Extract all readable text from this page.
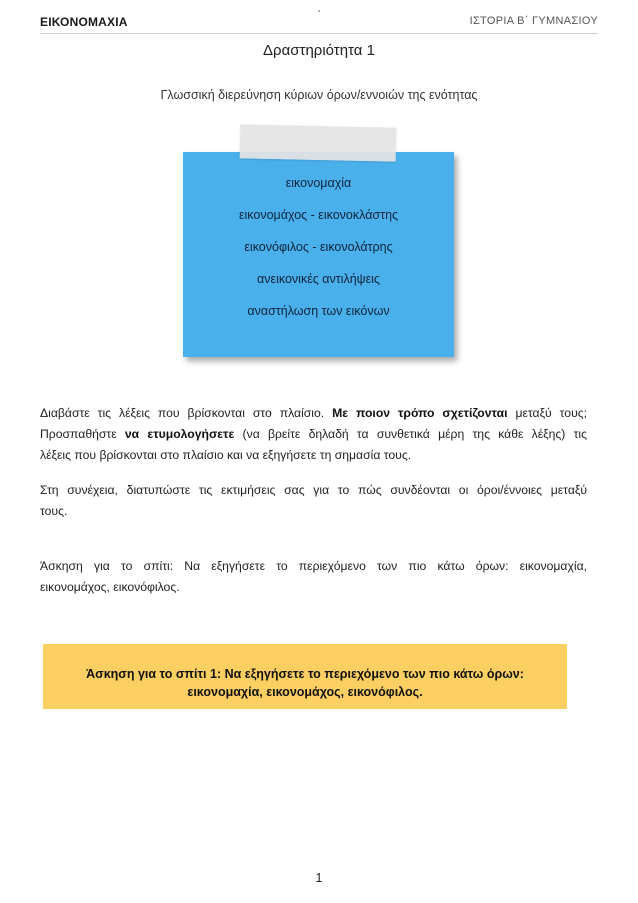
ΕΙΚΟΝΟΜΑΧΙΑ	ΙΣΤΟΡΙΑ Β΄ ΓΥΜΝΑΣΙΟΥ
Δραστηριότητα 1
Γλωσσική διερεύνηση κύριων όρων/εννοιών της ενότητας
εικονομαχία
εικονομάχος - εικονοκλάστης
εικονόφιλος - εικονολάτρης
ανεικονικές αντιλήψεις
αναστήλωση των εικόνων
Διαβάστε τις λέξεις που βρίσκονται στο πλαίσιο. Με ποιον τρόπο σχετίζονται μεταξύ τους;
Προσπαθήστε να ετυμολογήσετε (να βρείτε δηλαδή τα συνθετικά μέρη της κάθε λέξης) τις
λέξεις που βρίσκονται στο πλαίσιο και να εξηγήσετε τη σημασία τους.
Στη συνέχεια, διατυπώστε τις εκτιμήσεις σας για το πώς συνδέονται οι όροι/έννοιες μεταξύ
τους.
Άσκηση για το σπίτι: Να εξηγήσετε το περιεχόμενο των πιο κάτω όρων: εικονομαχία,
εικονομάχος, εικονόφιλος.
Άσκηση για το σπίτι 1: Να εξηγήσετε το περιεχόμενο των πιο κάτω όρων:
εικονομαχία, εικονομάχος, εικονόφιλος.
1
